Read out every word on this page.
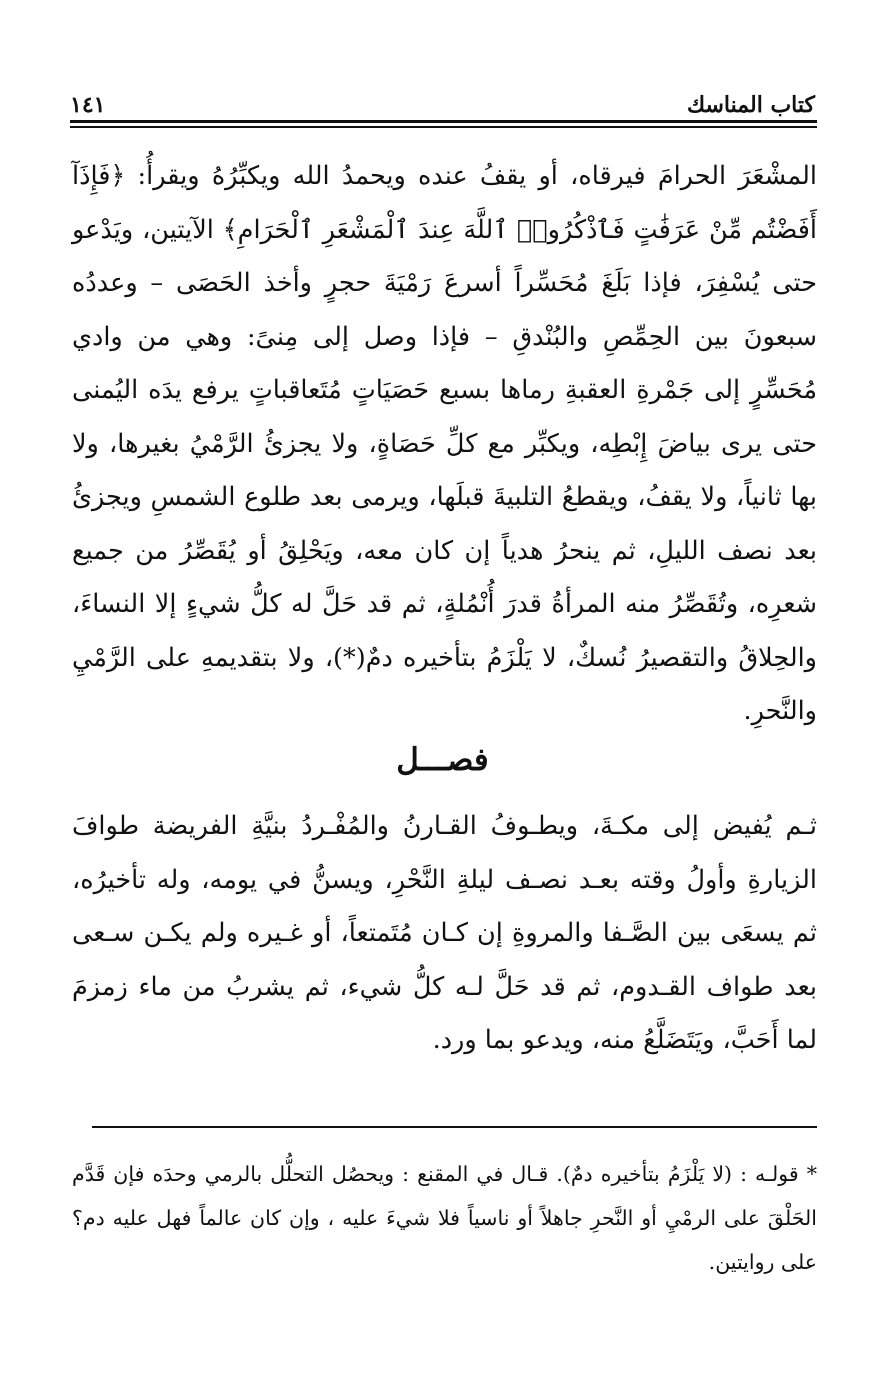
كتاب المناسك
١٤١
المشْعَرَ الحرامَ فيرقاه، أو يقفُ عنده ويحمدُ الله ويكبِّرُهُ ويقرأُ: ﴿فَإِذَآ أَفَضْتُم مِّنْ عَرَفَٰتٍ فَٱذْكُرُوا۟ ٱللَّهَ عِندَ ٱلْمَشْعَرِ ٱلْحَرَامِ﴾ الآيتين، ويَدْعو حتى يُسْفِرَ، فإذا بَلَغَ مُحَسِّراً أسرعَ رَمْيَةَ حجرٍ وأخذ الحَصَى – وعددُه سبعونَ بين الحِمِّصِ والبُنْدقِ – فإذا وصل إلى مِنىً: وهي من وادي مُحَسِّرٍ إلى جَمْرةِ العقبةِ رماها بسبع حَصَيَاتٍ مُتَعاقباتٍ يرفع يدَه اليُمنى حتى يرى بياضَ إِبْطِه، ويكبِّر مع كلِّ حَصَاةٍ، ولا يجزئُ الرَّمْيُ بغيرها، ولا بها ثانياً، ولا يقفُ، ويقطعُ التلبيةَ قبلَها، ويرمى بعد طلوع الشمسِ ويجزئُ بعد نصف الليلِ، ثم ينحرُ هدياً إن كان معه، ويَحْلِقُ أو يُقَصِّرُ من جميع شعرِه، وتُقَصِّرُ منه المرأةُ قدرَ أُنْمُلةٍ، ثم قد حَلَّ له كلُّ شيءٍ إلا النساءَ، والحِلاقُ والتقصيرُ نُسكٌ، لا يَلْزَمُ بتأخيره دمٌ(*)، ولا بتقديمهِ على الرَّمْيِ والنَّحرِ.
فصـــل
ثـم يُفيض إلى مكـةَ، ويطـوفُ القـارنُ والمُفْـردُ بنيَّةِ الفريضة طوافَ الزيارةِ وأولُ وقته بعـد نصـف ليلةِ النَّحْرِ، ويسنُّ في يومه، وله تأخيرُه، ثم يسعَى بين الصَّـفا والمروةِ إن كـان مُتَمتعاً، أو غـيره ولم يكـن سـعى بعد طواف القـدوم، ثم قد حَلَّ لـه كلُّ شيء، ثم يشربُ من ماء زمزمَ لما أَحَبَّ، ويَتَضَلَّعُ منه، ويدعو بما ورد.
* قولـه : (لا يَلْزَمُ بتأخيره دمٌ). قـال في المقنع : ويحصُل التحلُّل بالرمي وحدَه فإن قَدَّم الحَلْقَ على الرمْيِ أو النَّحرِ جاهلاً أو ناسياً فلا شيءَ عليه ، وإن كان عالماً فهل عليه دم؟ على روايتين.
